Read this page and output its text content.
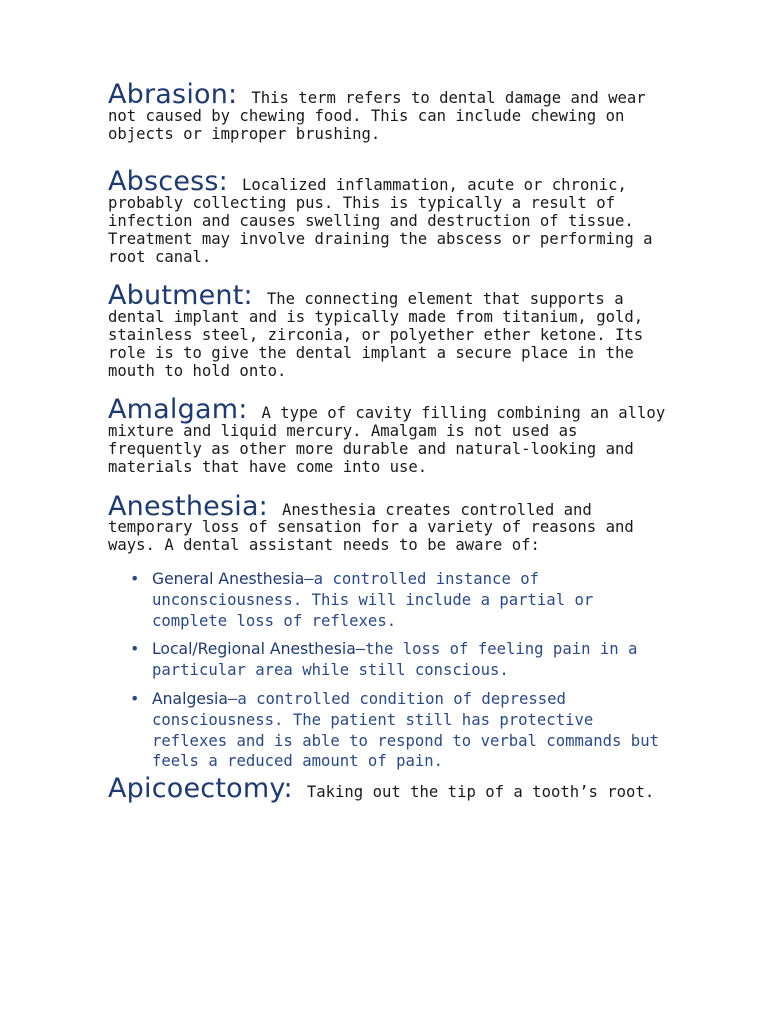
Abrasion: This term refers to dental damage and wear not caused by chewing food. This can include chewing on objects or improper brushing.

Abscess: Localized inflammation, acute or chronic, probably collecting pus. This is typically a result of infection and causes swelling and destruction of tissue. Treatment may involve draining the abscess or performing a root canal.

Abutment: The connecting element that supports a dental implant and is typically made from titanium, gold, stainless steel, zirconia, or polyether ether ketone. Its role is to give the dental implant a secure place in the mouth to hold onto.

Amalgam: A type of cavity filling combining an alloy mixture and liquid mercury. Amalgam is not used as frequently as other more durable and natural-looking and materials that have come into use.

Anesthesia: Anesthesia creates controlled and temporary loss of sensation for a variety of reasons and ways. A dental assistant needs to be aware of:

• General Anesthesia–a controlled instance of unconsciousness. This will include a partial or complete loss of reflexes.
• Local/Regional Anesthesia–the loss of feeling pain in a particular area while still conscious.
• Analgesia–a controlled condition of depressed consciousness. The patient still has protective reflexes and is able to respond to verbal commands but feels a reduced amount of pain.

Apicoectomy: Taking out the tip of a tooth’s root.
